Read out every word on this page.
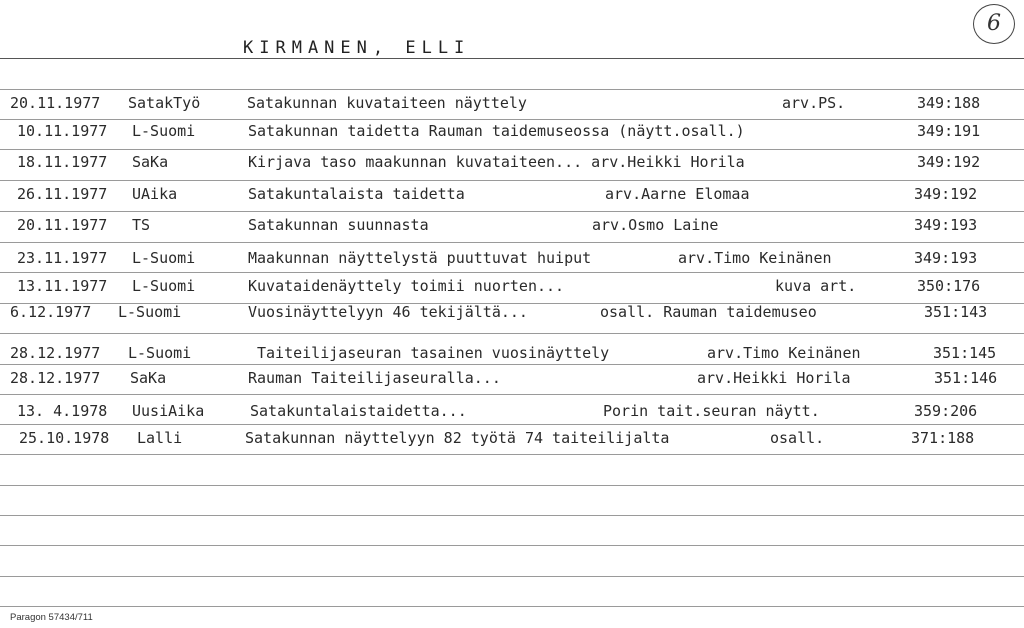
KIRMANEN, ELLI
6
20.11.1977 SatakTyö	Satakunnan kuvataiteen näyttely	arv.PS.	349:188
10.11.1977 L-Suomi	Satakunnan taidetta Rauman taidemuseossa (näytt.osall.)	349:191
18.11.1977 SaKa	Kirjava taso maakunnan kuvataiteen... arv.Heikki Horila	349:192
26.11.1977 UAika	Satakuntalaista taidetta	arv.Aarne Elomaa	349:192
20.11.1977 TS	Satakunnan suunnasta	arv.Osmo Laine	349:193
23.11.1977 L-Suomi	Maakunnan näyttelystä puuttuvat huiput	arv.Timo Keinänen	349:193
13.11.1977 L-Suomi	Kuvataidenäyttely toimii nuorten...	kuva art.	350:176
6.12.1977 L-Suomi	Vuosinäyttelyyn 46 tekijältä...	osall. Rauman taidemuseo	351:143
28.12.1977 L-Suomi	Taiteilijaseuran tasainen vuosinäyttely	arv.Timo Keinänen	351:145
28.12.1977 SaKa	Rauman Taiteilijaseuralla...	arv.Heikki Horila	351:146
13. 4.1978 UusiAika	Satakuntalaistaidetta...	Porin tait.seuran näytt.	359:206
25.10.1978 Lalli	Satakunnan näyttelyyn 82 työtä 74 taiteilijalta	osall.	371:188
Paragon 57434/711
